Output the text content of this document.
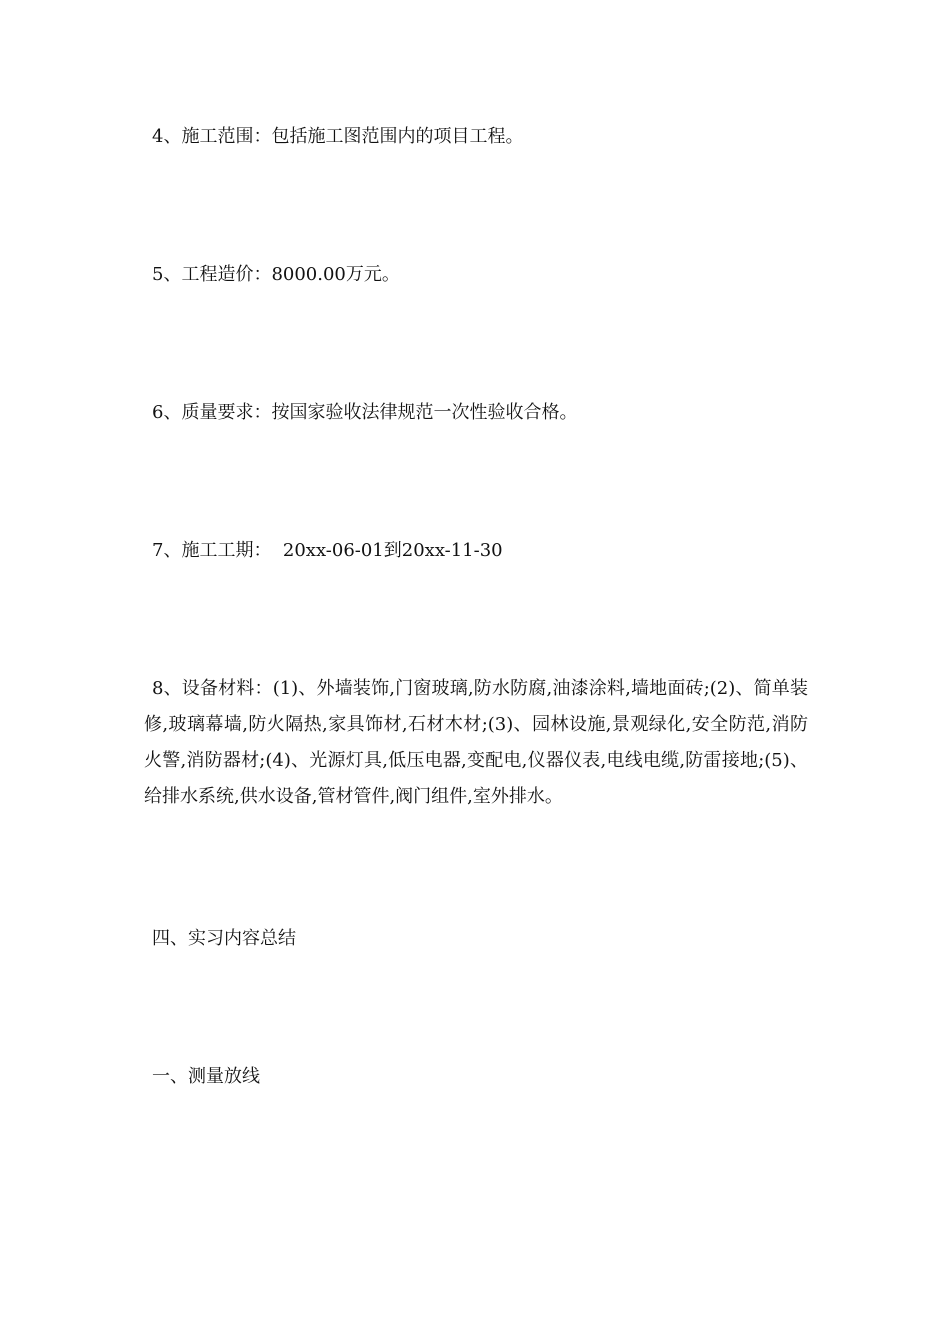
4、施工范围：包括施工图范围内的项目工程。

5、工程造价：8000.00万元。

6、质量要求：按国家验收法律规范一次性验收合格。

7、施工工期：  20xx-06-01到20xx-11-30

8、设备材料：(1)、外墙装饰,门窗玻璃,防水防腐,油漆涂料,墙地面砖;(2)、简单装修,玻璃幕墙,防火隔热,家具饰材,石材木材;(3)、园林设施,景观绿化,安全防范,消防火警,消防器材;(4)、光源灯具,低压电器,变配电,仪器仪表,电线电缆,防雷接地;(5)、给排水系统,供水设备,管材管件,阀门组件,室外排水。

四、实习内容总结

一、测量放线
